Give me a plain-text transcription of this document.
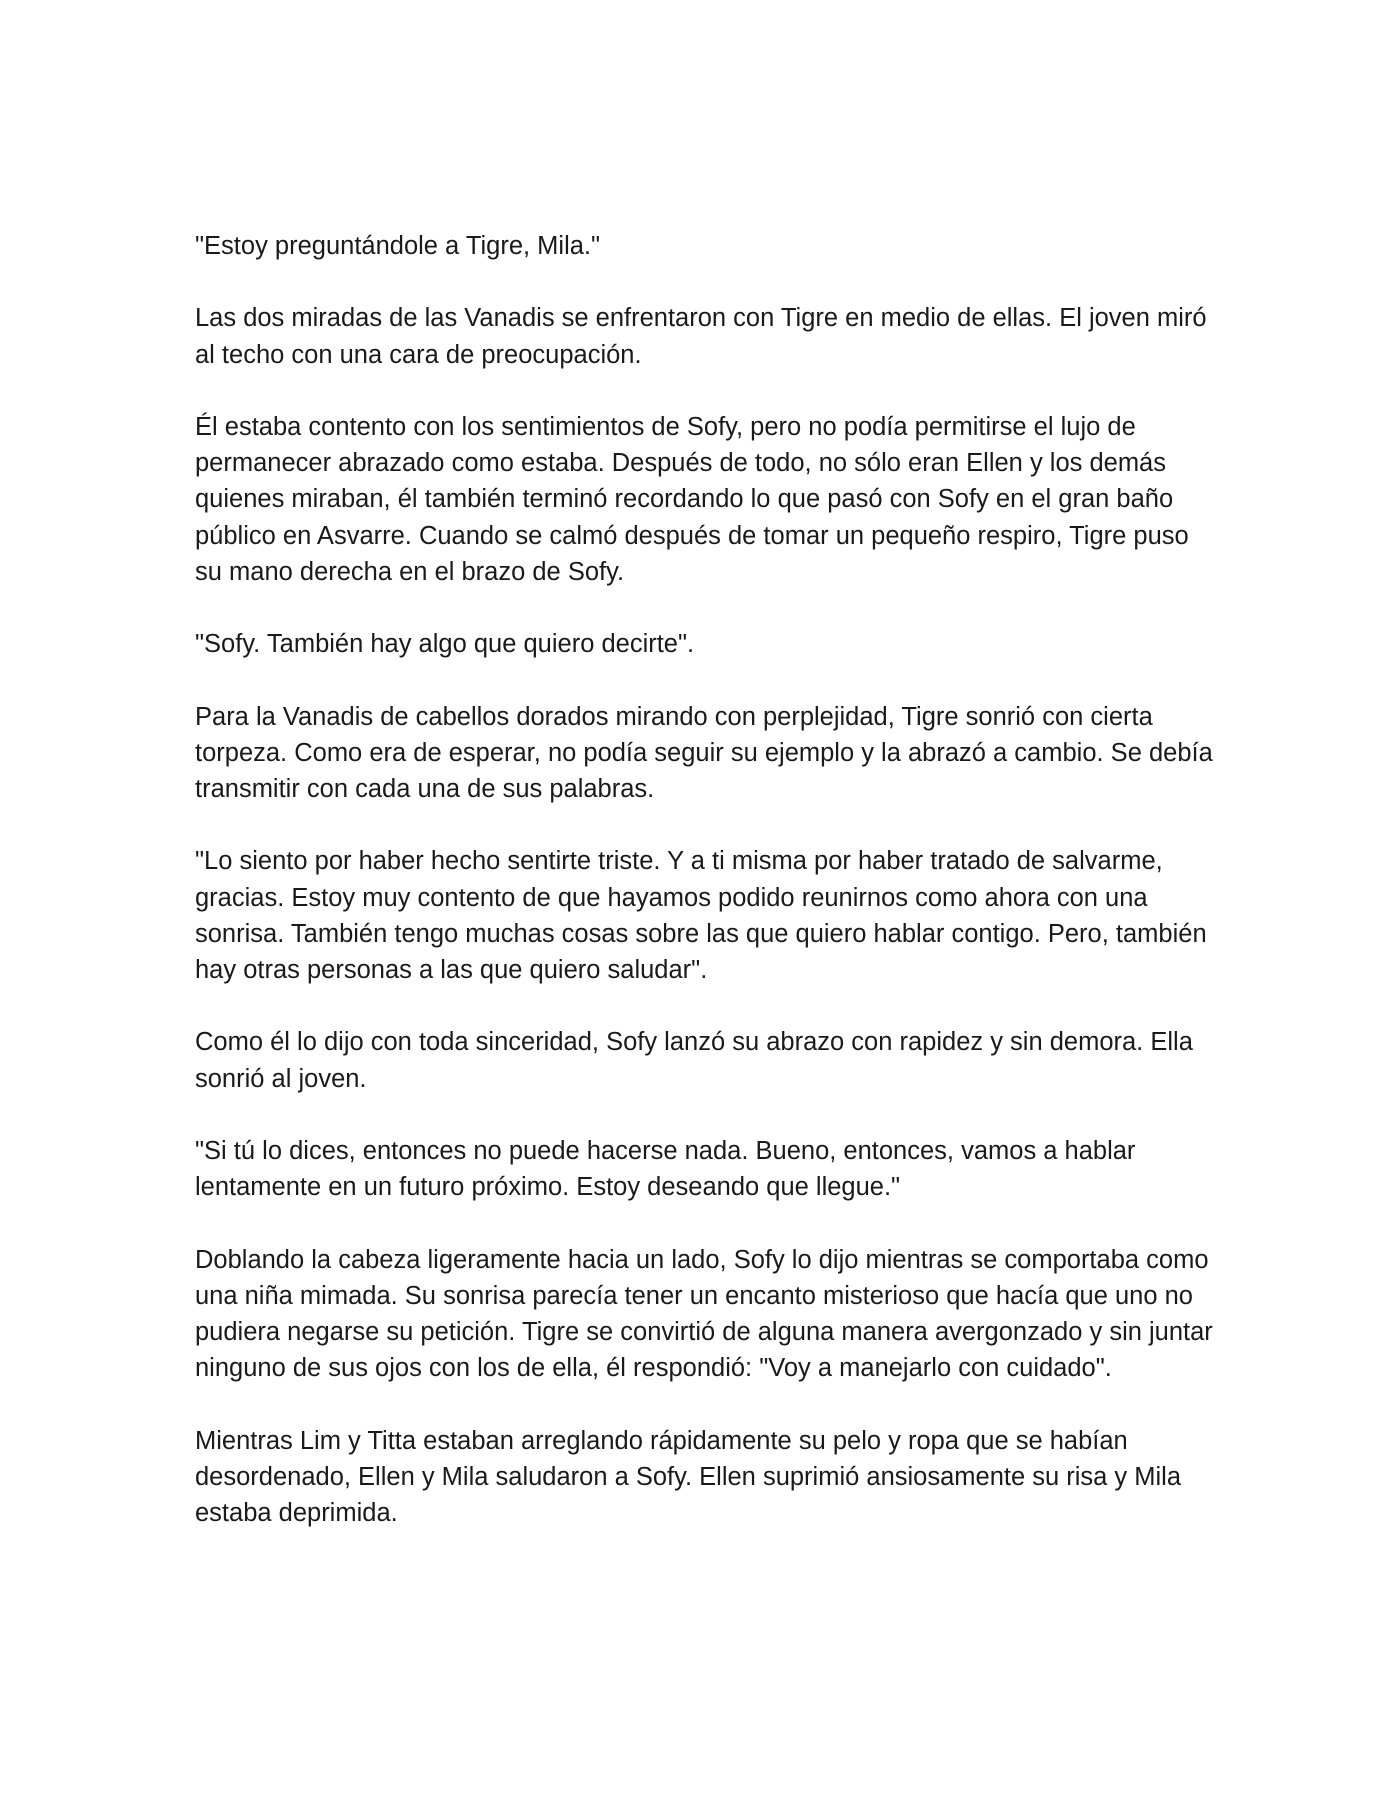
"Estoy preguntándole a Tigre, Mila."

Las dos miradas de las Vanadis se enfrentaron con Tigre en medio de ellas. El joven miró al techo con una cara de preocupación.

Él estaba contento con los sentimientos de Sofy, pero no podía permitirse el lujo de permanecer abrazado como estaba. Después de todo, no sólo eran Ellen y los demás quienes miraban, él también terminó recordando lo que pasó con Sofy en el gran baño público en Asvarre. Cuando se calmó después de tomar un pequeño respiro, Tigre puso su mano derecha en el brazo de Sofy.

"Sofy. También hay algo que quiero decirte".

Para la Vanadis de cabellos dorados mirando con perplejidad, Tigre sonrió con cierta torpeza. Como era de esperar, no podía seguir su ejemplo y la abrazó a cambio. Se debía transmitir con cada una de sus palabras.

"Lo siento por haber hecho sentirte triste. Y a ti misma por haber tratado de salvarme, gracias. Estoy muy contento de que hayamos podido reunirnos como ahora con una sonrisa. También tengo muchas cosas sobre las que quiero hablar contigo. Pero, también hay otras personas a las que quiero saludar".

Como él lo dijo con toda sinceridad, Sofy lanzó su abrazo con rapidez y sin demora. Ella sonrió al joven.

"Si tú lo dices, entonces no puede hacerse nada. Bueno, entonces, vamos a hablar lentamente en un futuro próximo. Estoy deseando que llegue."

Doblando la cabeza ligeramente hacia un lado, Sofy lo dijo mientras se comportaba como una niña mimada. Su sonrisa parecía tener un encanto misterioso que hacía que uno no pudiera negarse su petición. Tigre se convirtió de alguna manera avergonzado y sin juntar ninguno de sus ojos con los de ella, él respondió: "Voy a manejarlo con cuidado".

Mientras Lim y Titta estaban arreglando rápidamente su pelo y ropa que se habían desordenado, Ellen y Mila saludaron a Sofy. Ellen suprimió ansiosamente su risa y Mila estaba deprimida.
